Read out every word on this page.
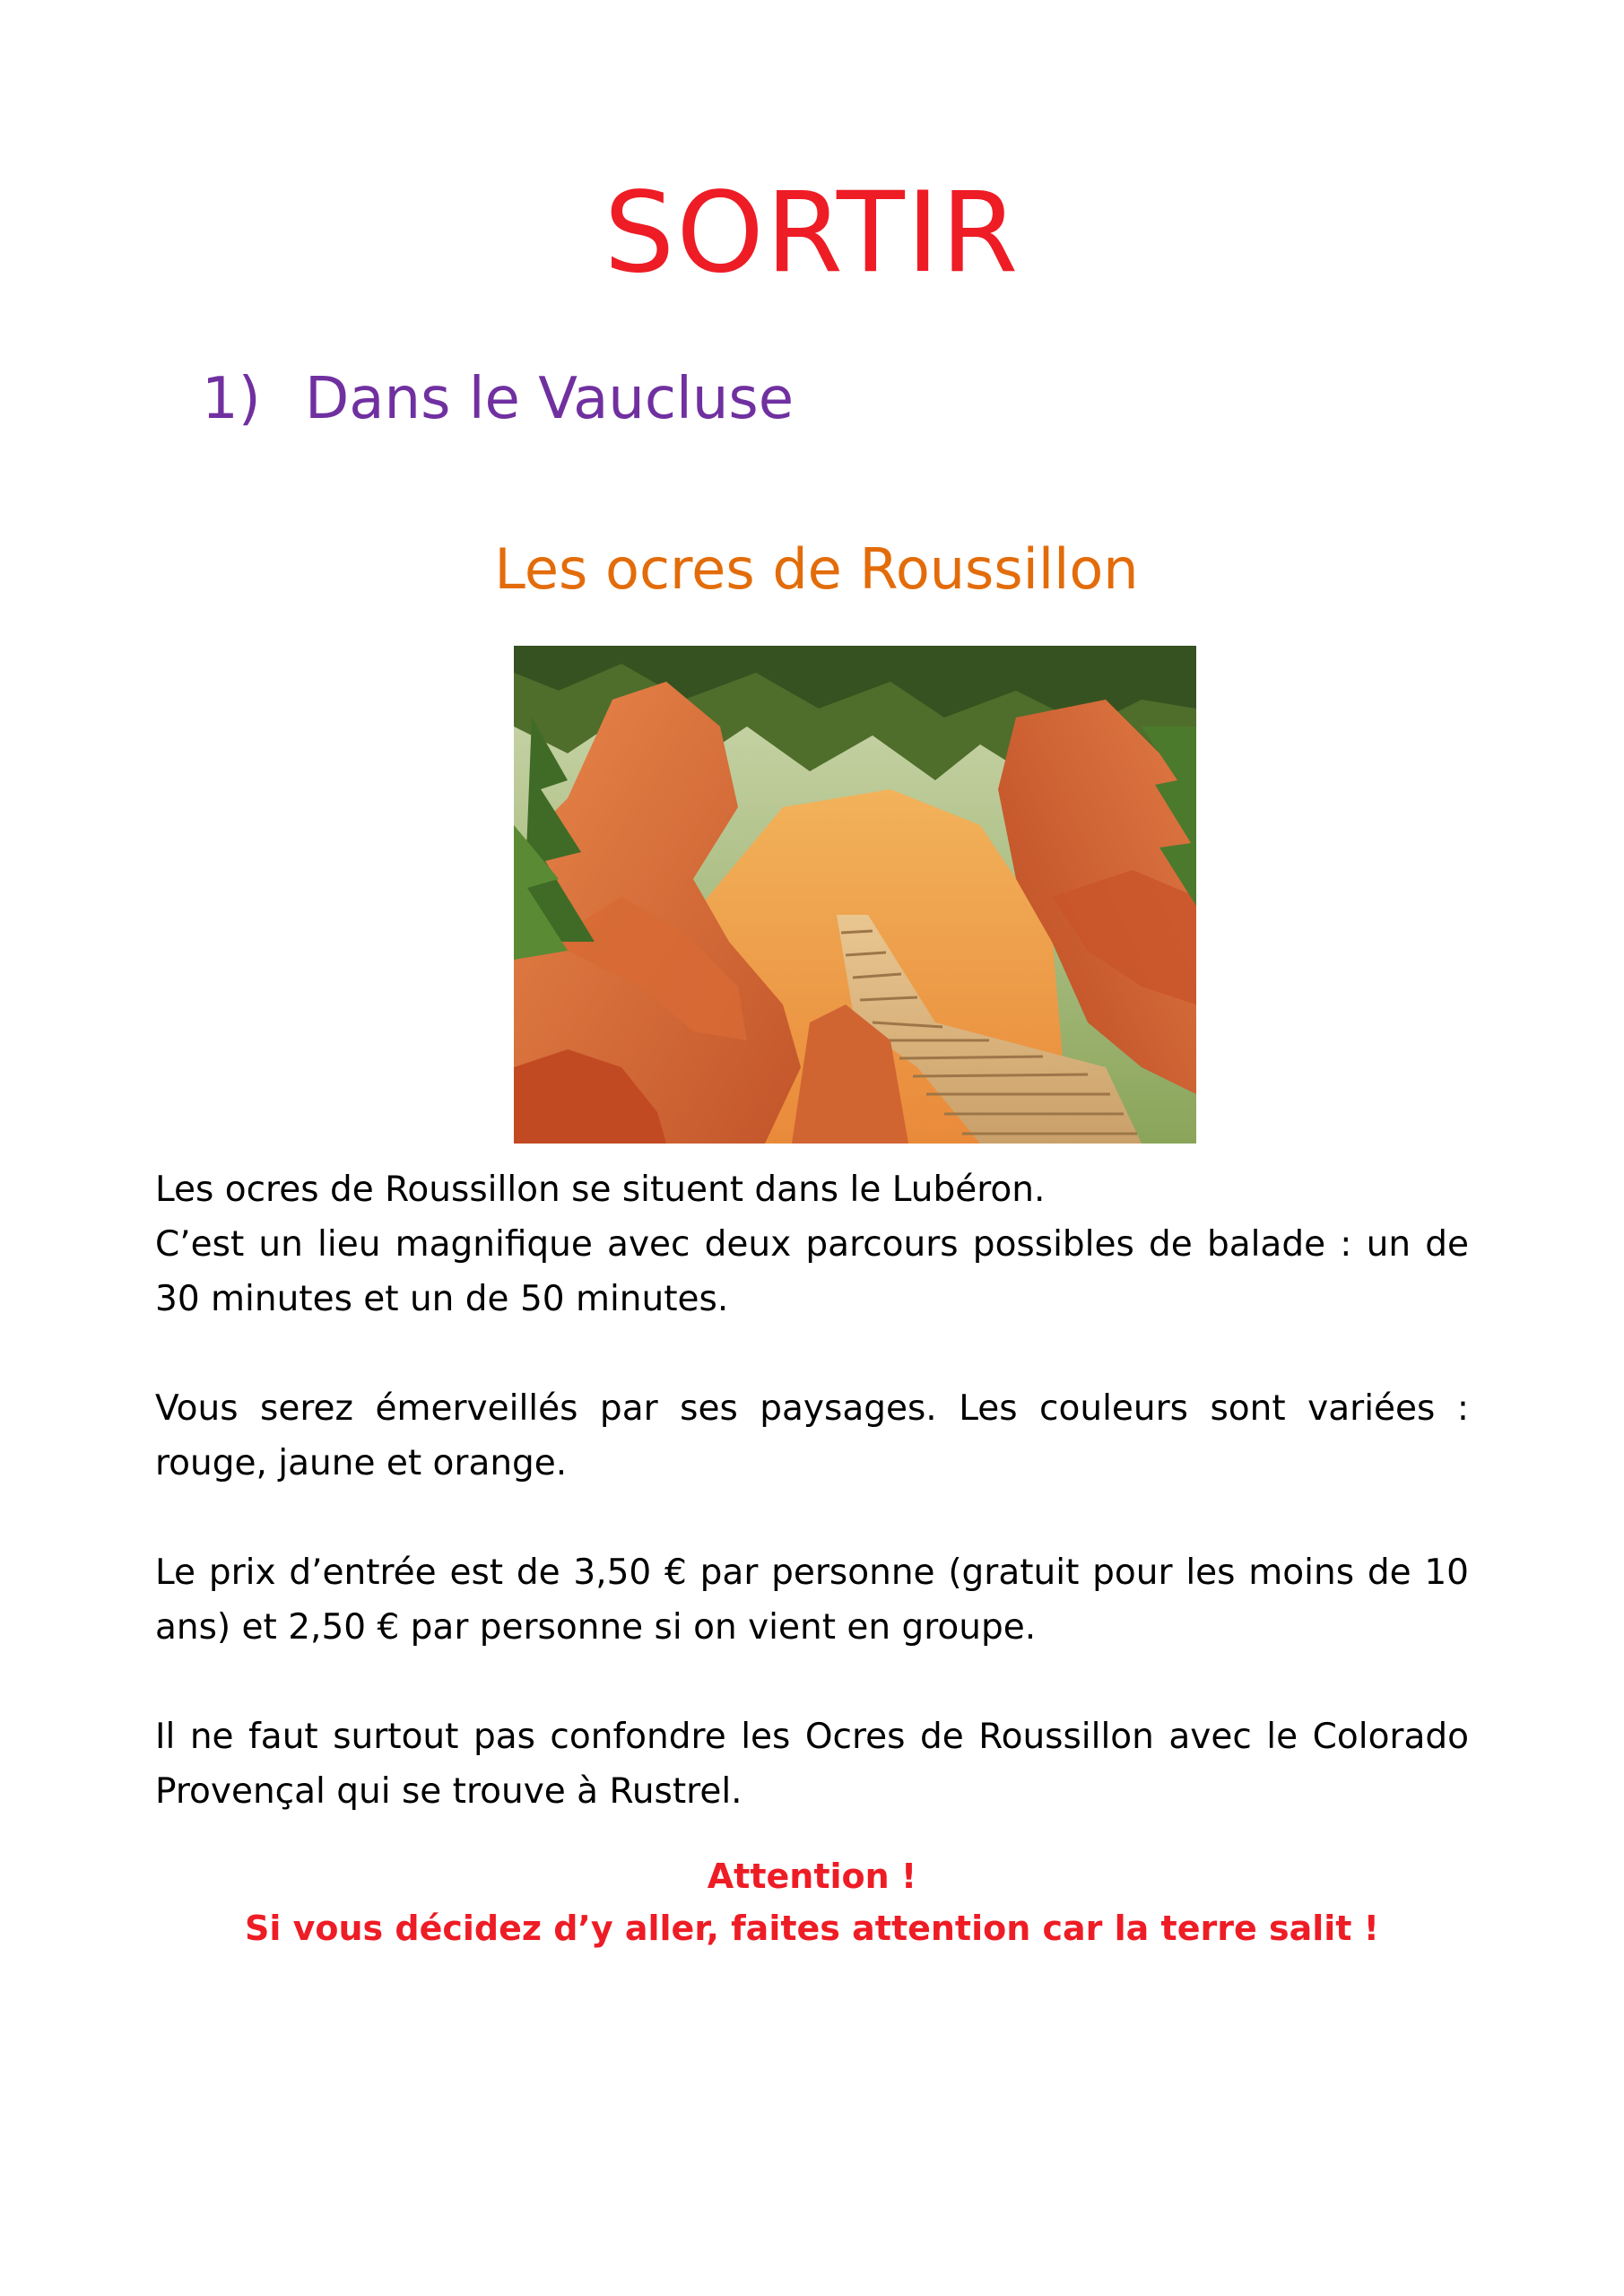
SORTIR
1) Dans le Vaucluse
Les ocres de Roussillon

Les ocres de Roussillon se situent dans le Lubéron.
C’est un lieu magnifique avec deux parcours possibles de balade : un de 30 minutes et un de 50 minutes.

Vous serez émerveillés par ses paysages. Les couleurs sont variées : rouge, jaune et orange.

Le prix d’entrée est de 3,50 € par personne (gratuit pour les moins de 10 ans) et 2,50 € par personne si on vient en groupe.

Il ne faut surtout pas confondre les Ocres de Roussillon avec le Colorado Provençal qui se trouve à Rustrel.

Attention !
Si vous décidez d’y aller, faites attention car la terre salit !
